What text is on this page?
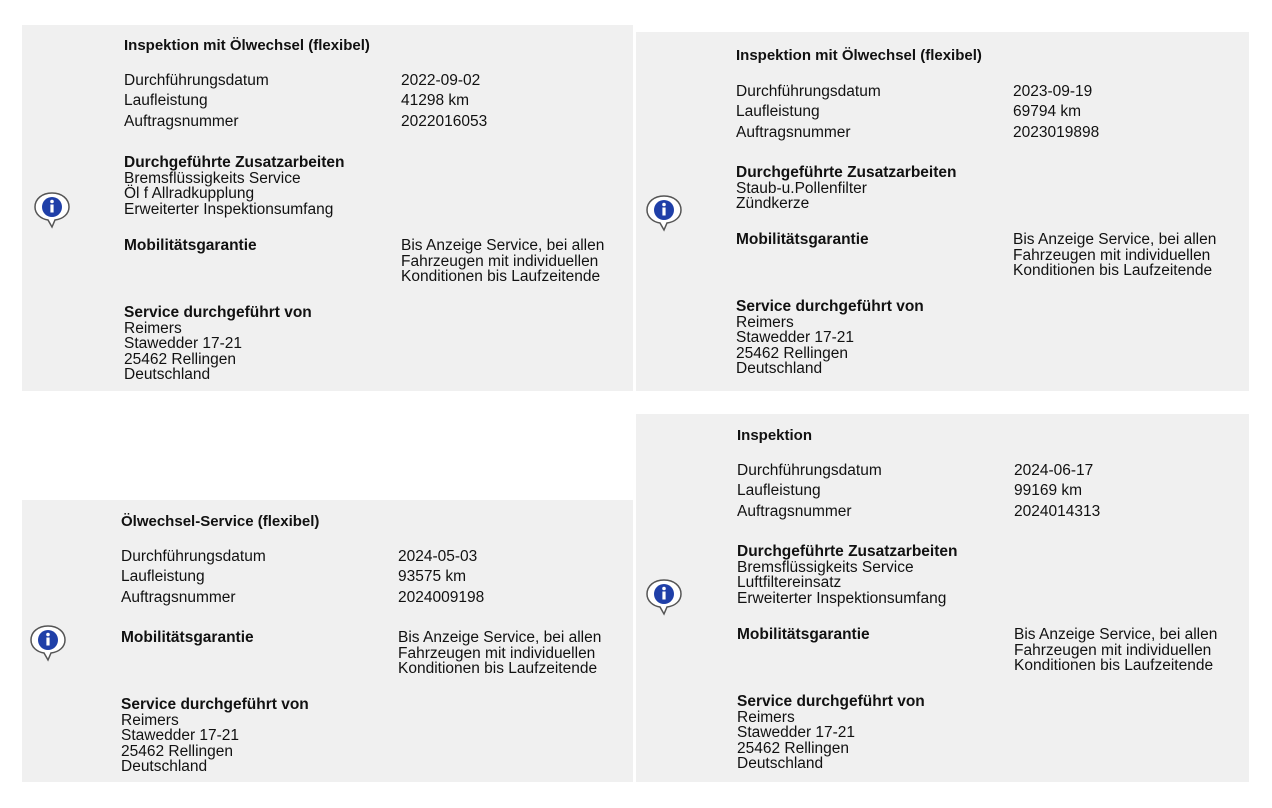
Inspektion mit Ölwechsel (flexibel)
Durchführungsdatum	2022-09-02
Laufleistung	41298 km
Auftragsnummer	2022016053
Durchgeführte Zusatzarbeiten
Bremsflüssigkeits Service
Öl f Allradkupplung
Erweiterter Inspektionsumfang
Mobilitätsgarantie	Bis Anzeige Service, bei allen
Fahrzeugen mit individuellen
Konditionen bis Laufzeitende
Service durchgeführt von
Reimers
Stawedder 17-21
25462 Rellingen
Deutschland
Inspektion mit Ölwechsel (flexibel)
Durchführungsdatum	2023-09-19
Laufleistung	69794 km
Auftragsnummer	2023019898
Durchgeführte Zusatzarbeiten
Staub-u.Pollenfilter
Zündkerze
Mobilitätsgarantie	Bis Anzeige Service, bei allen
Fahrzeugen mit individuellen
Konditionen bis Laufzeitende
Service durchgeführt von
Reimers
Stawedder 17-21
25462 Rellingen
Deutschland
Ölwechsel-Service (flexibel)
Durchführungsdatum	2024-05-03
Laufleistung	93575 km
Auftragsnummer	2024009198
Mobilitätsgarantie	Bis Anzeige Service, bei allen
Fahrzeugen mit individuellen
Konditionen bis Laufzeitende
Service durchgeführt von
Reimers
Stawedder 17-21
25462 Rellingen
Deutschland
Inspektion
Durchführungsdatum	2024-06-17
Laufleistung	99169 km
Auftragsnummer	2024014313
Durchgeführte Zusatzarbeiten
Bremsflüssigkeits Service
Luftfiltereinsatz
Erweiterter Inspektionsumfang
Mobilitätsgarantie	Bis Anzeige Service, bei allen
Fahrzeugen mit individuellen
Konditionen bis Laufzeitende
Service durchgeführt von
Reimers
Stawedder 17-21
25462 Rellingen
Deutschland
